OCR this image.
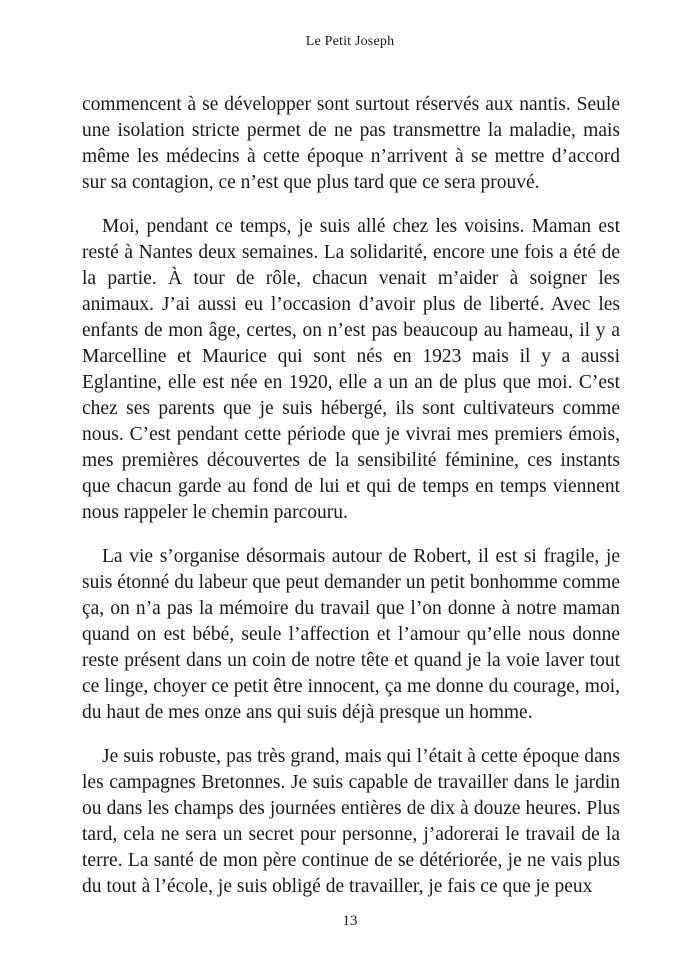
Le Petit Joseph

commencent à se développer sont surtout réservés aux nantis. Seule une isolation stricte permet de ne pas transmettre la maladie, mais même les médecins à cette époque n’arrivent à se mettre d’accord sur sa contagion, ce n’est que plus tard que ce sera prouvé.

Moi, pendant ce temps, je suis allé chez les voisins. Maman est resté à Nantes deux semaines. La solidarité, encore une fois a été de la partie. À tour de rôle, chacun venait m’aider à soigner les animaux. J’ai aussi eu l’occasion d’avoir plus de liberté. Avec les enfants de mon âge, certes, on n’est pas beaucoup au hameau, il y a Marcelline et Maurice qui sont nés en 1923 mais il y a aussi Eglantine, elle est née en 1920, elle a un an de plus que moi. C’est chez ses parents que je suis hébergé, ils sont cultivateurs comme nous. C’est pendant cette période que je vivrai mes premiers émois, mes premières découvertes de la sensibilité féminine, ces instants que chacun garde au fond de lui et qui de temps en temps viennent nous rappeler le chemin parcouru.

La vie s’organise désormais autour de Robert, il est si fragile, je suis étonné du labeur que peut demander un petit bonhomme comme ça, on n’a pas la mémoire du travail que l’on donne à notre maman quand on est bébé, seule l’affection et l’amour qu’elle nous donne reste présent dans un coin de notre tête et quand je la voie laver tout ce linge, choyer ce petit être innocent, ça me donne du courage, moi, du haut de mes onze ans qui suis déjà presque un homme.

Je suis robuste, pas très grand, mais qui l’était à cette époque dans les campagnes Bretonnes. Je suis capable de travailler dans le jardin ou dans les champs des journées entières de dix à douze heures. Plus tard, cela ne sera un secret pour personne, j’adorerai le travail de la terre. La santé de mon père continue de se détériorée, je ne vais plus du tout à l’école, je suis obligé de travailler, je fais ce que je peux

13
